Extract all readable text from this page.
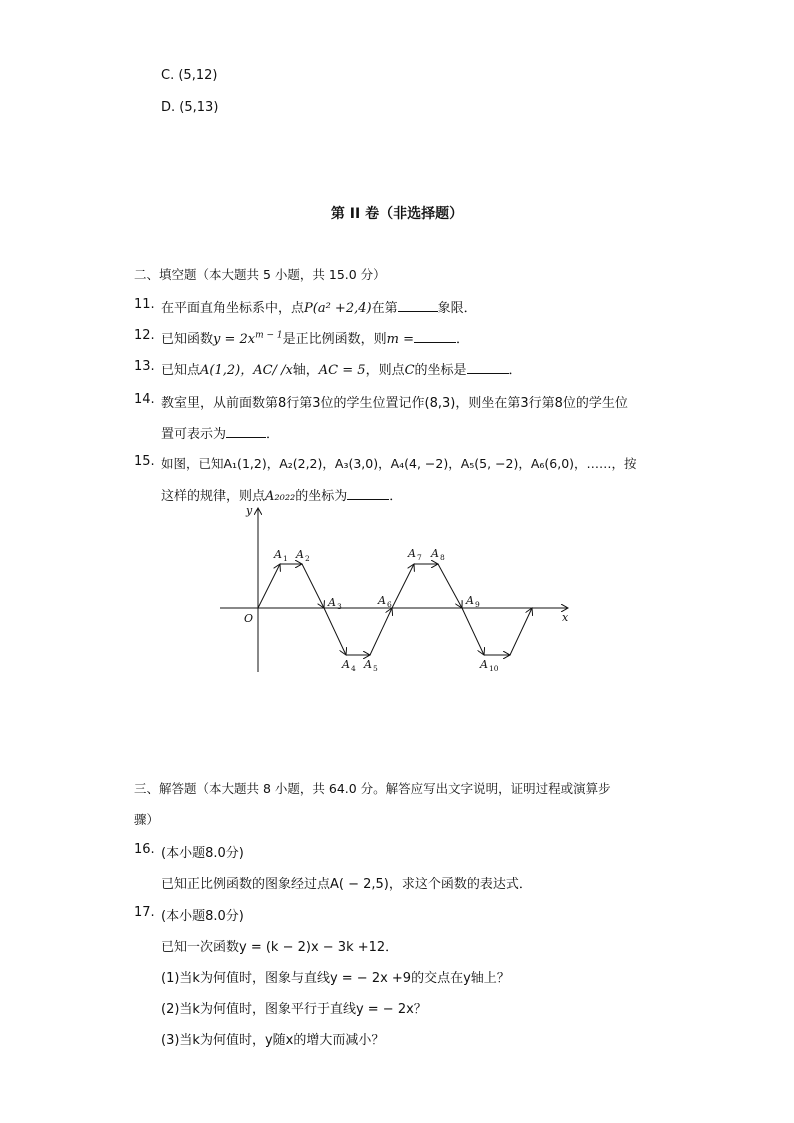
C. (5,12)
D. (5,13)
第 II 卷（非选择题）
二、填空题（本大题共 5 小题，共 15.0 分）
11. 在平面直角坐标系中，点P(a² +2,4)在第	象限．
12. 已知函数$y = 2x^{m - 1}$是正比例函数，则m =	．
13. 已知点A(1,2)，AC/ /x轴，AC = 5，则点C的坐标是	．
14. 教室里，从前面数第8行第3位的学生位置记作(8,3)，则坐在第3行第8位的学生位
置可表示为	．
15. 如图，已知A₁(1,2)，A₂(2,2)，A₃(3,0)，A₄(4, −2)，A₅(5, −2)，A₆(6,0)，……，按
这样的规律，则点A₂₀₂₂的坐标为	．
x
y
O
$A_1$ $A_2$
$A_3$
$A_4$ $A_5$
$A_6$
$A_7$ $A_8$
$A_9$
$A_{10}$
三、解答题（本大题共 8 小题，共 64.0 分。解答应写出文字说明，证明过程或演算步
骤）
16. (本小题8.0分)
已知正比例函数的图象经过点A( − 2,5)，求这个函数的表达式．
17. (本小题8.0分)
已知一次函数y = (k − 2)x − 3k +12．
(1)当k为何值时，图象与直线y = − 2x +9的交点在y轴上？
(2)当k为何值时，图象平行于直线y = − 2x？
(3)当k为何值时，y随x的增大而减小？
